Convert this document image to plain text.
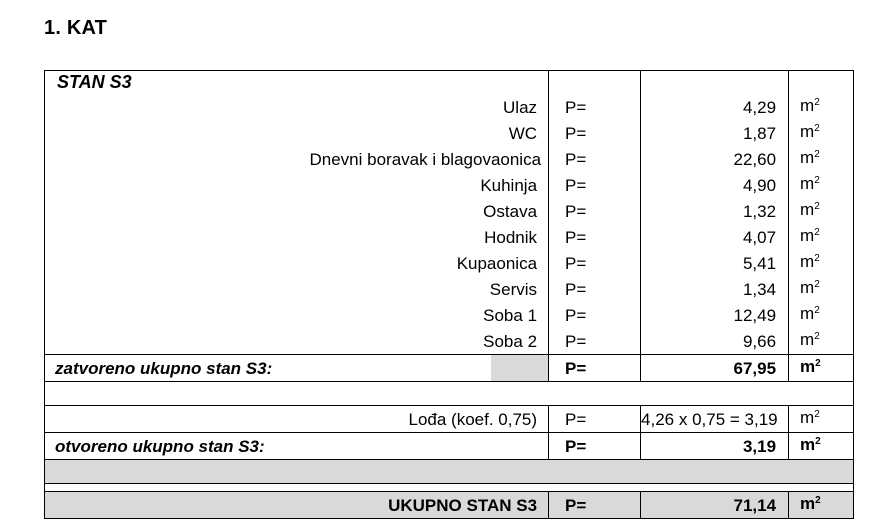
1. KAT
STAN S3					
	Ulaz		P=	4,29	$m^2$
	WC		P=	1,87	$m^2$
	Dnevni boravak i blagovaonica		P=	22,60	$m^2$
	Kuhinja		P=	4,90	$m^2$
	Ostava		P=	1,32	$m^2$
	Hodnik		P=	4,07	$m^2$
	Kupaonica		P=	5,41	$m^2$
	Servis		P=	1,34	$m^2$
	Soba 1		P=	12,49	$m^2$
	Soba 2		P=	9,66	$m^2$
zatvoreno ukupno stan S3:			P=	67,95	$m^2$

	Lođa (koef. 0,75)		P=	4,26 x 0,75 = 3,19	$m^2$
otvoreno ukupno stan S3:			P=	3,19	$m^2$

	UKUPNO STAN S3		P=	71,14	$m^2$
